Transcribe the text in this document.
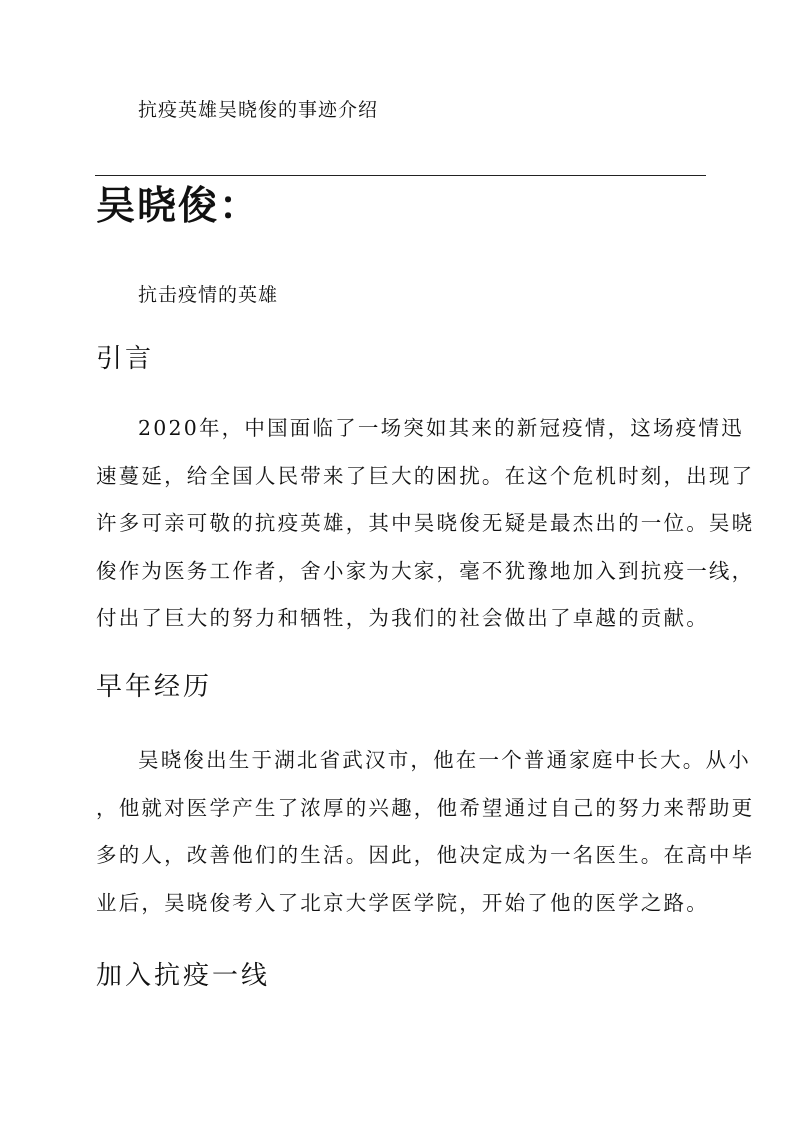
抗疫英雄吴晓俊的事迹介绍
吴晓俊：
抗击疫情的英雄
引言
2020年，中国面临了一场突如其来的新冠疫情，这场疫情迅
速蔓延，给全国人民带来了巨大的困扰。在这个危机时刻，出现了
许多可亲可敬的抗疫英雄，其中吴晓俊无疑是最杰出的一位。吴晓
俊作为医务工作者，舍小家为大家，毫不犹豫地加入到抗疫一线，
付出了巨大的努力和牺牲，为我们的社会做出了卓越的贡献。
早年经历
吴晓俊出生于湖北省武汉市，他在一个普通家庭中长大。从小
，他就对医学产生了浓厚的兴趣，他希望通过自己的努力来帮助更
多的人，改善他们的生活。因此，他决定成为一名医生。在高中毕
业后，吴晓俊考入了北京大学医学院，开始了他的医学之路。
加入抗疫一线
